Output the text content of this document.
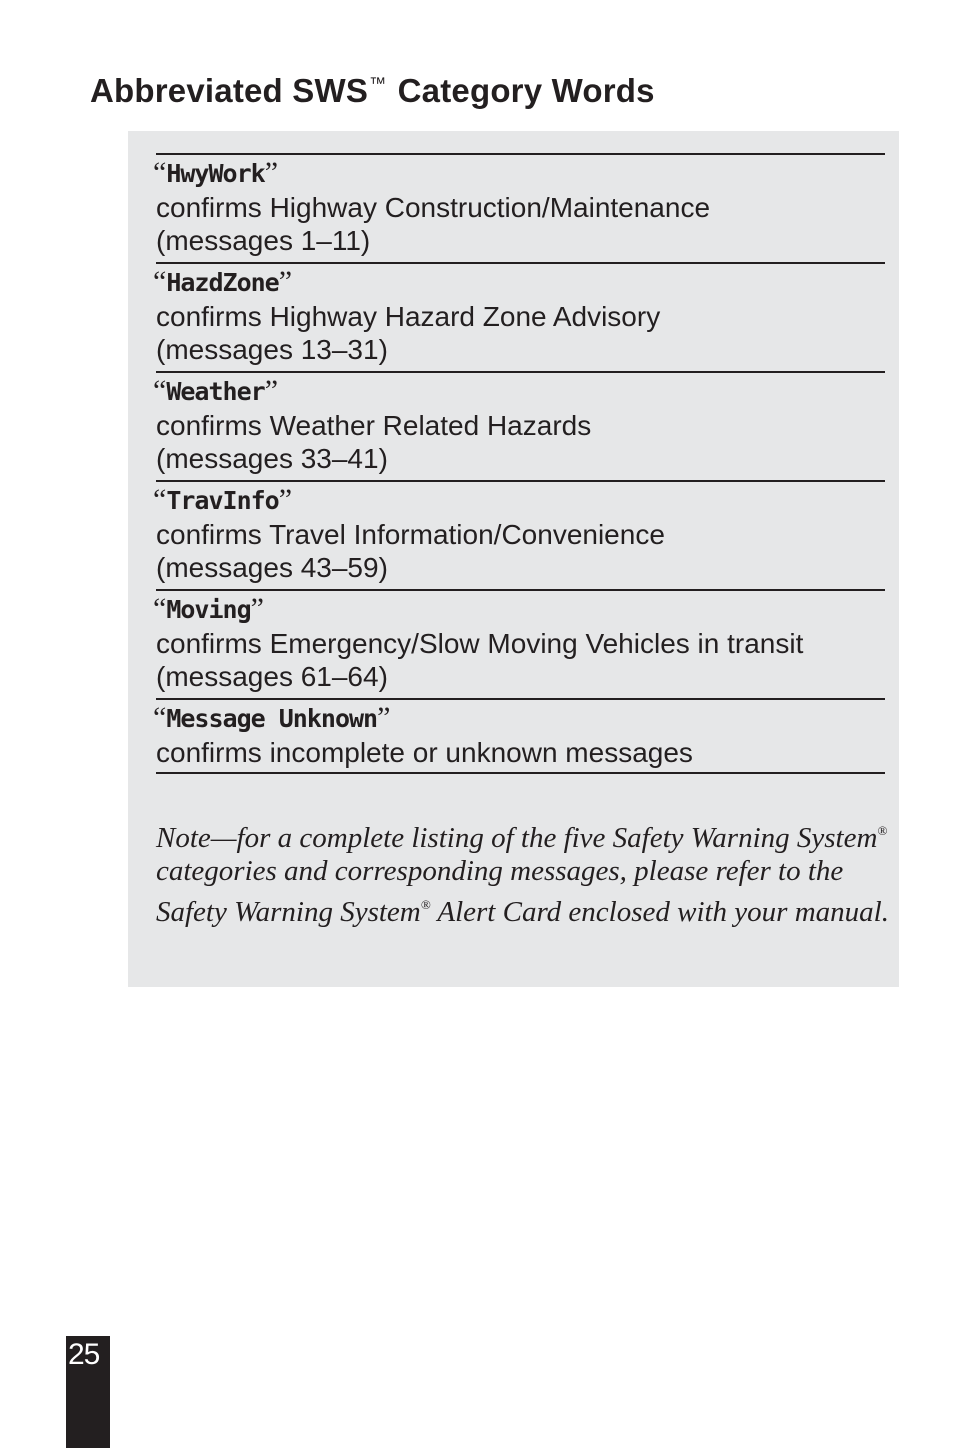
Abbreviated SWS™ Category Words
“HwyWork”
confirms Highway Construction/Maintenance
(messages 1–11)
“HazdZone”
confirms Highway Hazard Zone Advisory
(messages 13–31)
“Weather”
confirms Weather Related Hazards
(messages 33–41)
“TravInfo”
confirms Travel Information/Convenience
(messages 43–59)
“Moving”
confirms Emergency/Slow Moving Vehicles in transit
(messages 61–64)
“Message Unknown”
confirms incomplete or unknown messages
Note—for a complete listing of the five Safety Warning System® categories and corresponding messages, please refer to the Safety Warning System® Alert Card enclosed with your manual.
25
